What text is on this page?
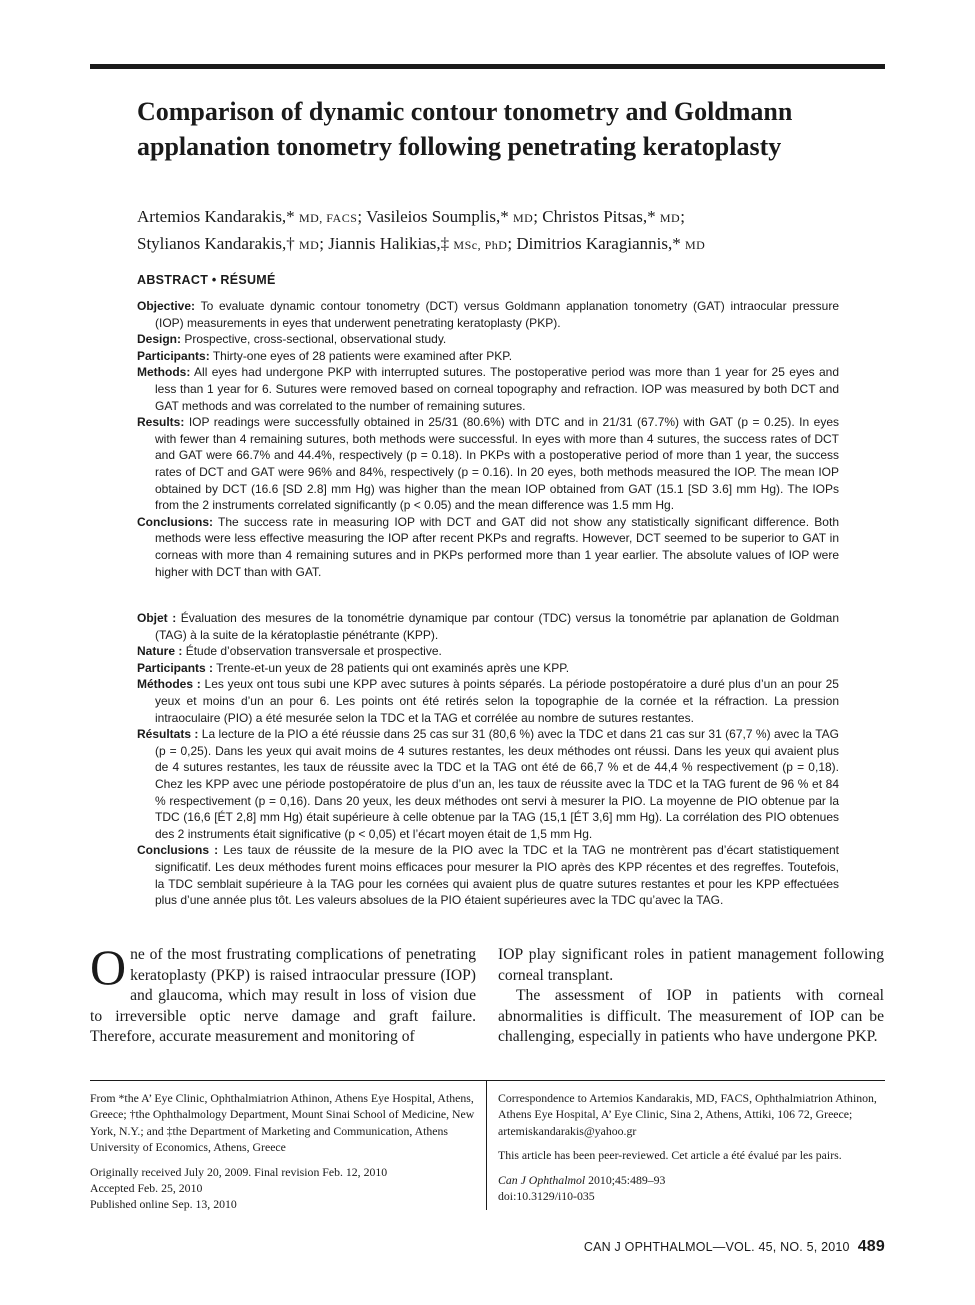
Comparison of dynamic contour tonometry and Goldmann applanation tonometry following penetrating keratoplasty
Artemios Kandarakis,* MD, FACS; Vasileios Soumplis,* MD; Christos Pitsas,* MD;
Stylianos Kandarakis,† MD; Jiannis Halikias,‡ MSc, PhD; Dimitrios Karagiannis,* MD
ABSTRACT • RÉSUMÉ
Objective: To evaluate dynamic contour tonometry (DCT) versus Goldmann applanation tonometry (GAT) intraocular pressure (IOP) measurements in eyes that underwent penetrating keratoplasty (PKP).
Design: Prospective, cross-sectional, observational study.
Participants: Thirty-one eyes of 28 patients were examined after PKP.
Methods: All eyes had undergone PKP with interrupted sutures. The postoperative period was more than 1 year for 25 eyes and less than 1 year for 6. Sutures were removed based on corneal topography and refraction. IOP was measured by both DCT and GAT methods and was correlated to the number of remaining sutures.
Results: IOP readings were successfully obtained in 25/31 (80.6%) with DTC and in 21/31 (67.7%) with GAT (p = 0.25). In eyes with fewer than 4 remaining sutures, both methods were successful. In eyes with more than 4 sutures, the success rates of DCT and GAT were 66.7% and 44.4%, respectively (p = 0.18). In PKPs with a postoperative period of more than 1 year, the success rates of DCT and GAT were 96% and 84%, respectively (p = 0.16). In 20 eyes, both methods measured the IOP. The mean IOP obtained by DCT (16.6 [SD 2.8] mm Hg) was higher than the mean IOP obtained from GAT (15.1 [SD 3.6] mm Hg). The IOPs from the 2 instruments correlated significantly (p < 0.05) and the mean difference was 1.5 mm Hg.
Conclusions: The success rate in measuring IOP with DCT and GAT did not show any statistically significant difference. Both methods were less effective measuring the IOP after recent PKPs and regrafts. However, DCT seemed to be superior to GAT in corneas with more than 4 remaining sutures and in PKPs performed more than 1 year earlier. The absolute values of IOP were higher with DCT than with GAT.
Objet : Évaluation des mesures de la tonométrie dynamique par contour (TDC) versus la tonométrie par aplanation de Goldman (TAG) à la suite de la kératoplastie pénétrante (KPP).
Nature : Étude d’observation transversale et prospective.
Participants : Trente-et-un yeux de 28 patients qui ont examinés après une KPP.
Méthodes : Les yeux ont tous subi une KPP avec sutures à points séparés. La période postopératoire a duré plus d’un an pour 25 yeux et moins d’un an pour 6. Les points ont été retirés selon la topographie de la cornée et la réfraction. La pression intraoculaire (PIO) a été mesurée selon la TDC et la TAG et corrélée au nombre de sutures restantes.
Résultats : La lecture de la PIO a été réussie dans 25 cas sur 31 (80,6 %) avec la TDC et dans 21 cas sur 31 (67,7 %) avec la TAG (p = 0,25). Dans les yeux qui avait moins de 4 sutures restantes, les deux méthodes ont réussi. Dans les yeux qui avaient plus de 4 sutures restantes, les taux de réussite avec la TDC et la TAG ont été de 66,7 % et de 44,4 % respectivement (p = 0,18). Chez les KPP avec une période postopératoire de plus d’un an, les taux de réussite avec la TDC et la TAG furent de 96 % et 84 % respectivement (p = 0,16). Dans 20 yeux, les deux méthodes ont servi à mesurer la PIO. La moyenne de PIO obtenue par la TDC (16,6 [ÉT 2,8] mm Hg) était supérieure à celle obtenue par la TAG (15,1 [ÉT 3,6] mm Hg). La corrélation des PIO obtenues des 2 instruments était significative (p < 0,05) et l’écart moyen était de 1,5 mm Hg.
Conclusions : Les taux de réussite de la mesure de la PIO avec la TDC et la TAG ne montrèrent pas d’écart statistiquement significatif. Les deux méthodes furent moins efficaces pour mesurer la PIO après des KPP récentes et des regreffes. Toutefois, la TDC semblait supérieure à la TAG pour les cornées qui avaient plus de quatre sutures restantes et pour les KPP effectuées plus d’une année plus tôt. Les valeurs absolues de la PIO étaient supérieures avec la TDC qu’avec la TAG.

One of the most frustrating complications of penetrating keratoplasty (PKP) is raised intraocular pressure (IOP) and glaucoma, which may result in loss of vision due to irreversible optic nerve damage and graft failure. Therefore, accurate measurement and monitoring of

IOP play significant roles in patient management following corneal transplant.

The assessment of IOP in patients with corneal abnormalities is difficult. The measurement of IOP can be challenging, especially in patients who have undergone PKP.

From *the A’ Eye Clinic, Ophthalmiatrion Athinon, Athens Eye Hospital, Athens, Greece; †the Ophthalmology Department, Mount Sinai School of Medicine, New York, N.Y.; and ‡the Department of Marketing and Communication, Athens University of Economics, Athens, Greece

Originally received July 20, 2009. Final revision Feb. 12, 2010
Accepted Feb. 25, 2010
Published online Sep. 13, 2010

Correspondence to Artemios Kandarakis, MD, FACS, Ophthalmiatrion Athinon, Athens Eye Hospital, A’ Eye Clinic, Sina 2, Athens, Attiki, 106 72, Greece; artemiskandarakis@yahoo.gr

This article has been peer-reviewed. Cet article a été évalué par les pairs.

Can J Ophthalmol 2010;45:489–93
doi:10.3129/i10-035
CAN J OPHTHALMOL—VOL. 45, NO. 5, 2010 489
